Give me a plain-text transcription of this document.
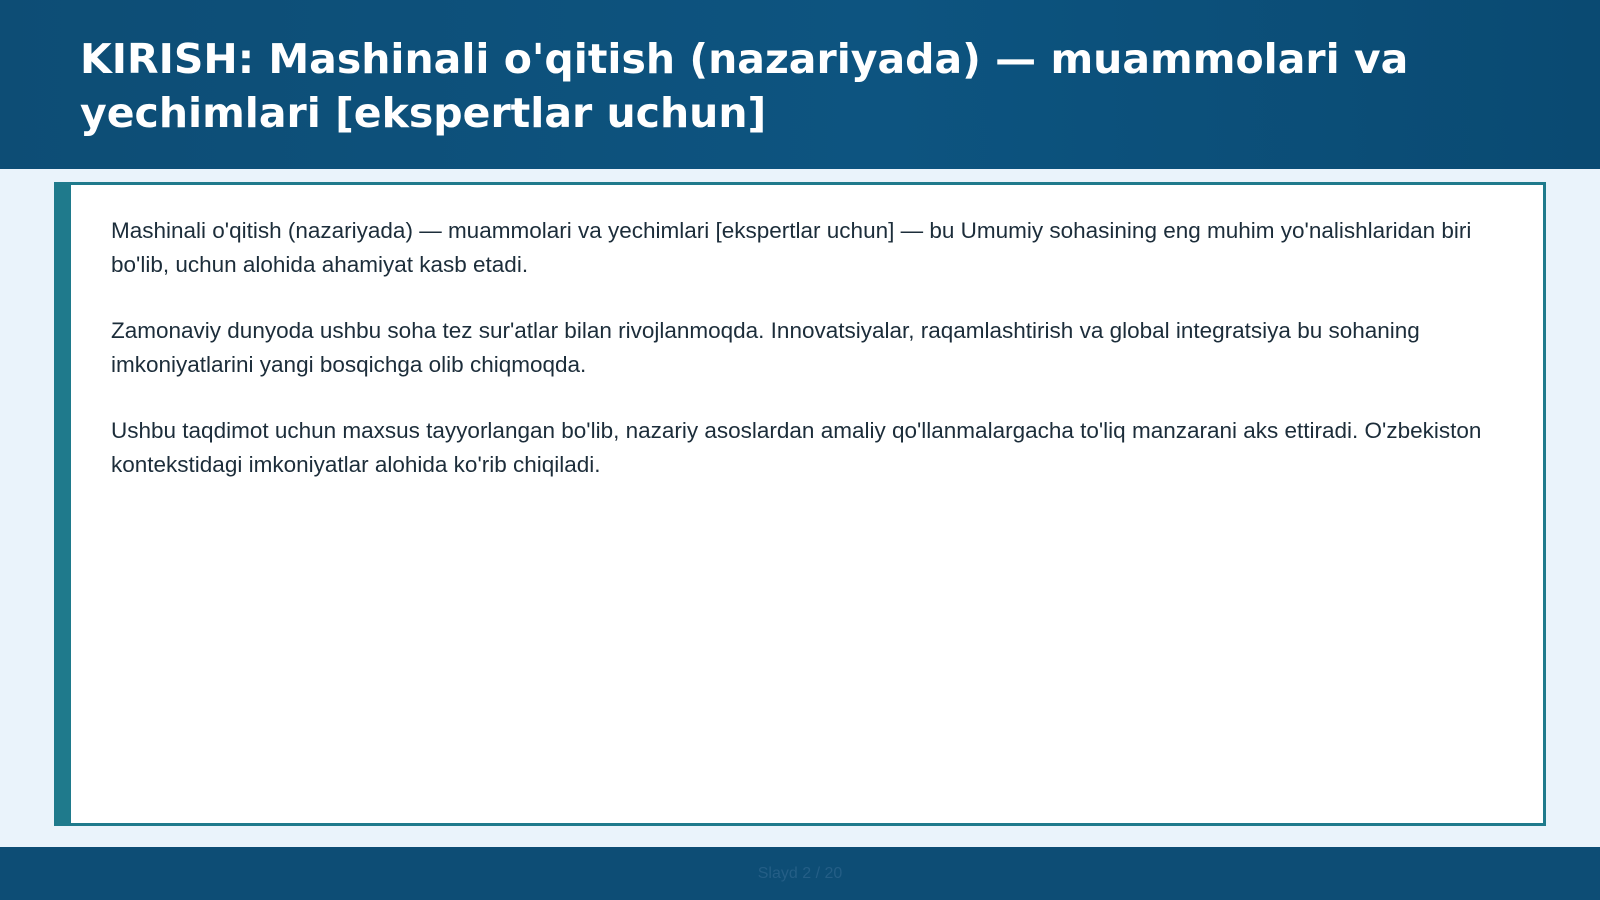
KIRISH: Mashinali o'qitish (nazariyada) — muammolari va yechimlari [ekspertlar uchun]

Mashinali o'qitish (nazariyada) — muammolari va yechimlari [ekspertlar uchun] — bu Umumiy sohasining eng muhim yo'nalishlaridan biri bo'lib, uchun alohida ahamiyat kasb etadi.

Zamonaviy dunyoda ushbu soha tez sur'atlar bilan rivojlanmoqda. Innovatsiyalar, raqamlashtirish va global integratsiya bu sohaning imkoniyatlarini yangi bosqichga olib chiqmoqda.

Ushbu taqdimot uchun maxsus tayyorlangan bo'lib, nazariy asoslardan amaliy qo'llanmalargacha to'liq manzarani aks ettiradi. O'zbekiston kontekstidagi imkoniyatlar alohida ko'rib chiqiladi.

Slayd 2 / 20
